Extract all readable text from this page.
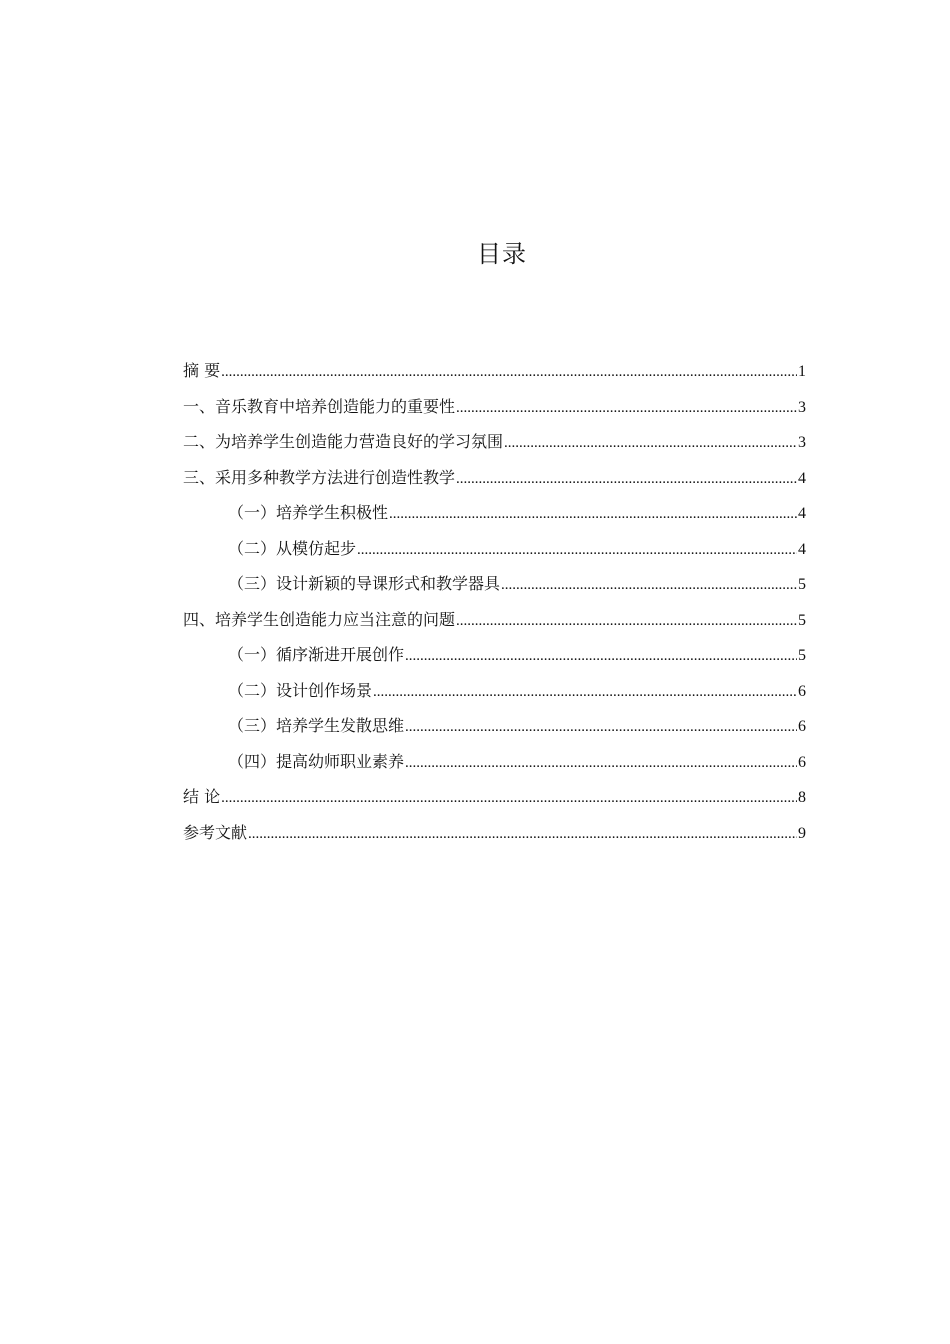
目录
摘 要 .....	1
一、音乐教育中培养创造能力的重要性 .....	3
二、为培养学生创造能力营造良好的学习氛围 .....	3
三、采用多种教学方法进行创造性教学 .....	4
（一）培养学生积极性 .....	4
（二）从模仿起步 .....	4
（三）设计新颖的导课形式和教学器具 .....	5
四、培养学生创造能力应当注意的问题 .....	5
（一）循序渐进开展创作 .....	5
（二）设计创作场景 .....	6
（三）培养学生发散思维 .....	6
（四）提高幼师职业素养 .....	6
结 论 .....	8
参考文献 .....	9
